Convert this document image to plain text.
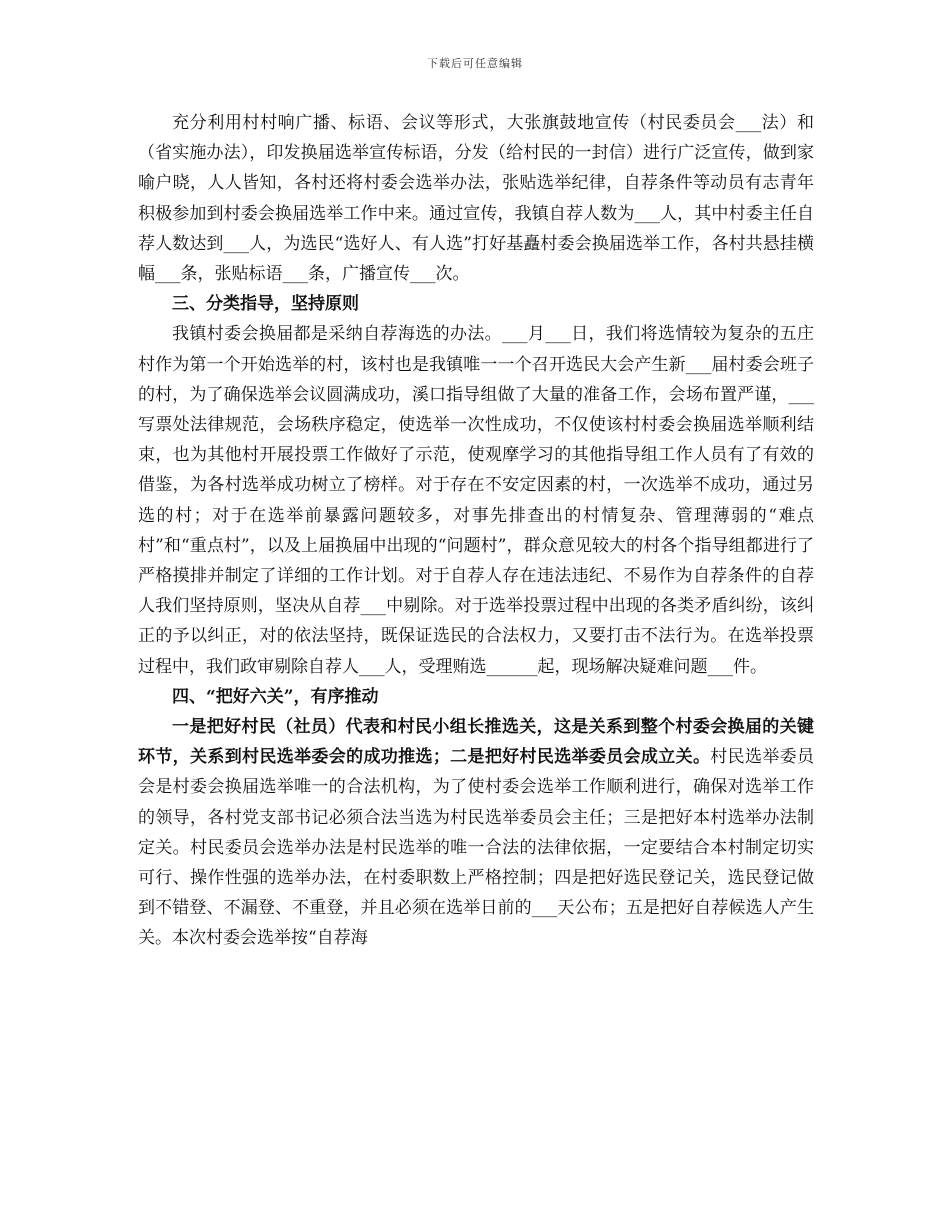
下载后可任意编辑

充分利用村村响广播、标语、会议等形式，大张旗鼓地宣传（村民委员会___法）和（省实施办法），印发换届选举宣传标语，分发（给村民的一封信）进行广泛宣传，做到家喻户晓，人人皆知，各村还将村委会选举办法，张贴选举纪律，自荐条件等动员有志青年积极参加到村委会换届选举工作中来。通过宣传，我镇自荐人数为___人，其中村委主任自荐人数达到___人，为选民“选好人、有人选”打好基矗村委会换届选举工作，各村共悬挂横幅___条，张贴标语___条，广播宣传___次。

三、分类指导，坚持原则

我镇村委会换届都是采纳自荐海选的办法。___月___日，我们将选情较为复杂的五庄村作为第一个开始选举的村，该村也是我镇唯一一个召开选民大会产生新___届村委会班子的村，为了确保选举会议圆满成功，溪口指导组做了大量的准备工作，会场布置严谨，___写票处法律规范，会场秩序稳定，使选举一次性成功，不仅使该村村委会换届选举顺利结束，也为其他村开展投票工作做好了示范，使观摩学习的其他指导组工作人员有了有效的借鉴，为各村选举成功树立了榜样。对于存在不安定因素的村，一次选举不成功，通过另选的村；对于在选举前暴露问题较多，对事先排查出的村情复杂、管理薄弱的“难点村”和“重点村”，以及上届换届中出现的“问题村”，群众意见较大的村各个指导组都进行了严格摸排并制定了详细的工作计划。对于自荐人存在违法违纪、不易作为自荐条件的自荐人我们坚持原则，坚决从自荐___中剔除。对于选举投票过程中出现的各类矛盾纠纷，该纠正的予以纠正，对的依法坚持，既保证选民的合法权力，又要打击不法行为。在选举投票过程中，我们政审剔除自荐人___人，受理贿选______起，现场解决疑难问题___件。

四、“把好六关”，有序推动

一是把好村民（社员）代表和村民小组长推选关，这是关系到整个村委会换届的关键环节，关系到村民选举委会的成功推选；二是把好村民选举委员会成立关。村民选举委员会是村委会换届选举唯一的合法机构，为了使村委会选举工作顺利进行，确保对选举工作的领导，各村党支部书记必须合法当选为村民选举委员会主任；三是把好本村选举办法制定关。村民委员会选举办法是村民选举的唯一合法的法律依据，一定要结合本村制定切实可行、操作性强的选举办法，在村委职数上严格控制；四是把好选民登记关，选民登记做到不错登、不漏登、不重登，并且必须在选举日前的___天公布；五是把好自荐候选人产生关。本次村委会选举按“自荐海
